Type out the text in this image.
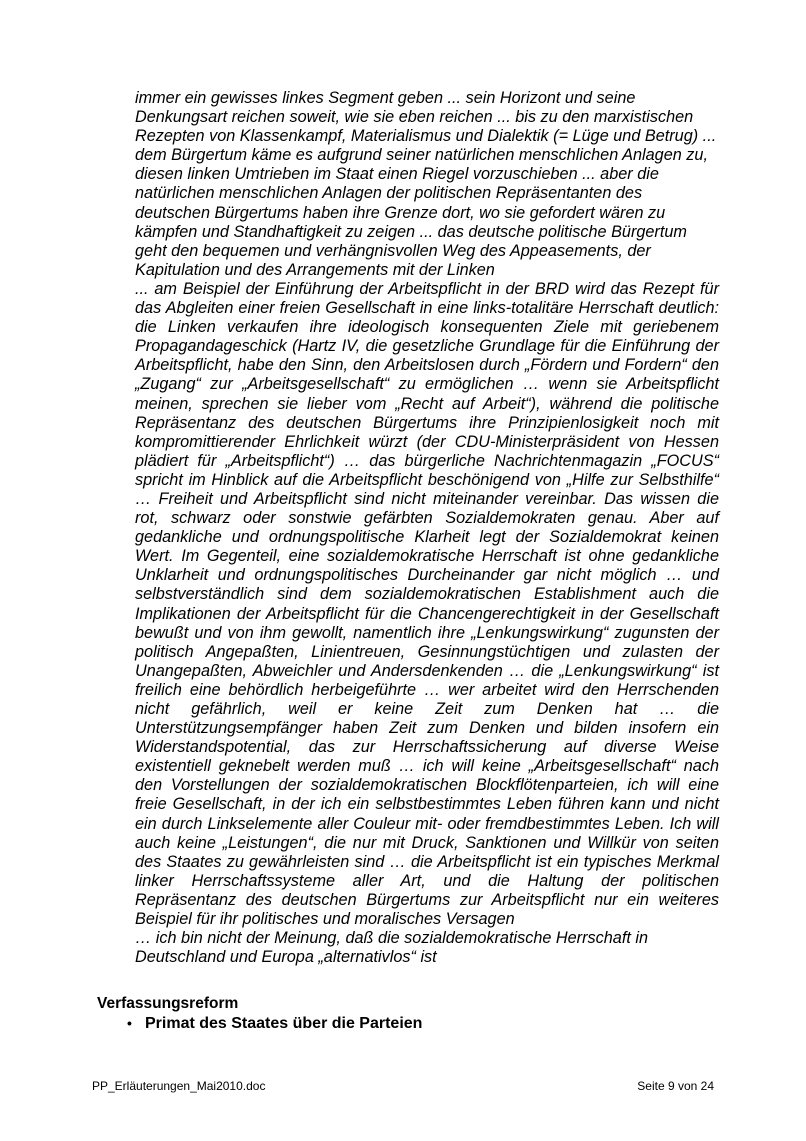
immer ein gewisses linkes Segment geben ... sein Horizont und seine Denkungsart reichen soweit, wie sie eben reichen ... bis zu den marxistischen Rezepten von Klassenkampf, Materialismus und Dialektik (= Lüge und Betrug) ... dem Bürgertum käme es aufgrund seiner natürlichen menschlichen Anlagen zu, diesen linken Umtrieben im Staat einen Riegel vorzuschieben ... aber die natürlichen menschlichen Anlagen der politischen Repräsentanten des deutschen Bürgertums haben ihre Grenze dort, wo sie gefordert wären zu kämpfen und Standhaftigkeit zu zeigen ... das deutsche politische Bürgertum geht den bequemen und verhängnisvollen Weg des Appeasements, der Kapitulation und des Arrangements mit der Linken

... am Beispiel der Einführung der Arbeitspflicht in der BRD wird das Rezept für das Abgleiten einer freien Gesellschaft in eine links-totalitäre Herrschaft deutlich: die Linken verkaufen ihre ideologisch konsequenten Ziele mit geriebenem Propagandageschick (Hartz IV, die gesetzliche Grundlage für die Einführung der Arbeitspflicht, habe den Sinn, den Arbeitslosen durch „Fördern und Fordern“ den „Zugang“ zur „Arbeitsgesellschaft“ zu ermöglichen … wenn sie Arbeitspflicht meinen, sprechen sie lieber vom „Recht auf Arbeit“), während die politische Repräsentanz des deutschen Bürgertums ihre Prinzipienlosigkeit noch mit kompromittierender Ehrlichkeit würzt (der CDU-Ministerpräsident von Hessen plädiert für „Arbeitspflicht“) … das bürgerliche Nachrichtenmagazin „FOCUS“ spricht im Hinblick auf die Arbeitspflicht beschönigend von „Hilfe zur Selbsthilfe“ … Freiheit und Arbeitspflicht sind nicht miteinander vereinbar. Das wissen die rot, schwarz oder sonstwie gefärbten Sozialdemokraten genau. Aber auf gedankliche und ordnungspolitische Klarheit legt der Sozialdemokrat keinen Wert. Im Gegenteil, eine sozialdemokratische Herrschaft ist ohne gedankliche Unklarheit und ordnungspolitisches Durcheinander gar nicht möglich … und selbstverständlich sind dem sozialdemokratischen Establishment auch die Implikationen der Arbeitspflicht für die Chancengerechtigkeit in der Gesellschaft bewußt und von ihm gewollt, namentlich ihre „Lenkungswirkung“ zugunsten der politisch Angepaßten, Linientreuen, Gesinnungstüchtigen und zulasten der Unangepaßten, Abweichler und Andersdenkenden … die „Lenkungswirkung“ ist freilich eine behördlich herbeigeführte … wer arbeitet wird den Herrschenden nicht gefährlich, weil er keine Zeit zum Denken hat … die Unterstützungsempfänger haben Zeit zum Denken und bilden insofern ein Widerstandspotential, das zur Herrschaftssicherung auf diverse Weise existentiell geknebelt werden muß … ich will keine „Arbeitsgesellschaft“ nach den Vorstellungen der sozialdemokratischen Blockflötenparteien, ich will eine freie Gesellschaft, in der ich ein selbstbestimmtes Leben führen kann und nicht ein durch Linkselemente aller Couleur mit- oder fremdbestimmtes Leben. Ich will auch keine „Leistungen“, die nur mit Druck, Sanktionen und Willkür von seiten des Staates zu gewährleisten sind … die Arbeitspflicht ist ein typisches Merkmal linker Herrschaftssysteme aller Art, und die Haltung der politischen Repräsentanz des deutschen Bürgertums zur Arbeitspflicht nur ein weiteres Beispiel für ihr politisches und moralisches Versagen

… ich bin nicht der Meinung, daß die sozialdemokratische Herrschaft in Deutschland und Europa „alternativlos“ ist

Verfassungsreform
• Primat des Staates über die Parteien
PP_Erläuterungen_Mai2010.doc	Seite 9 von 24
